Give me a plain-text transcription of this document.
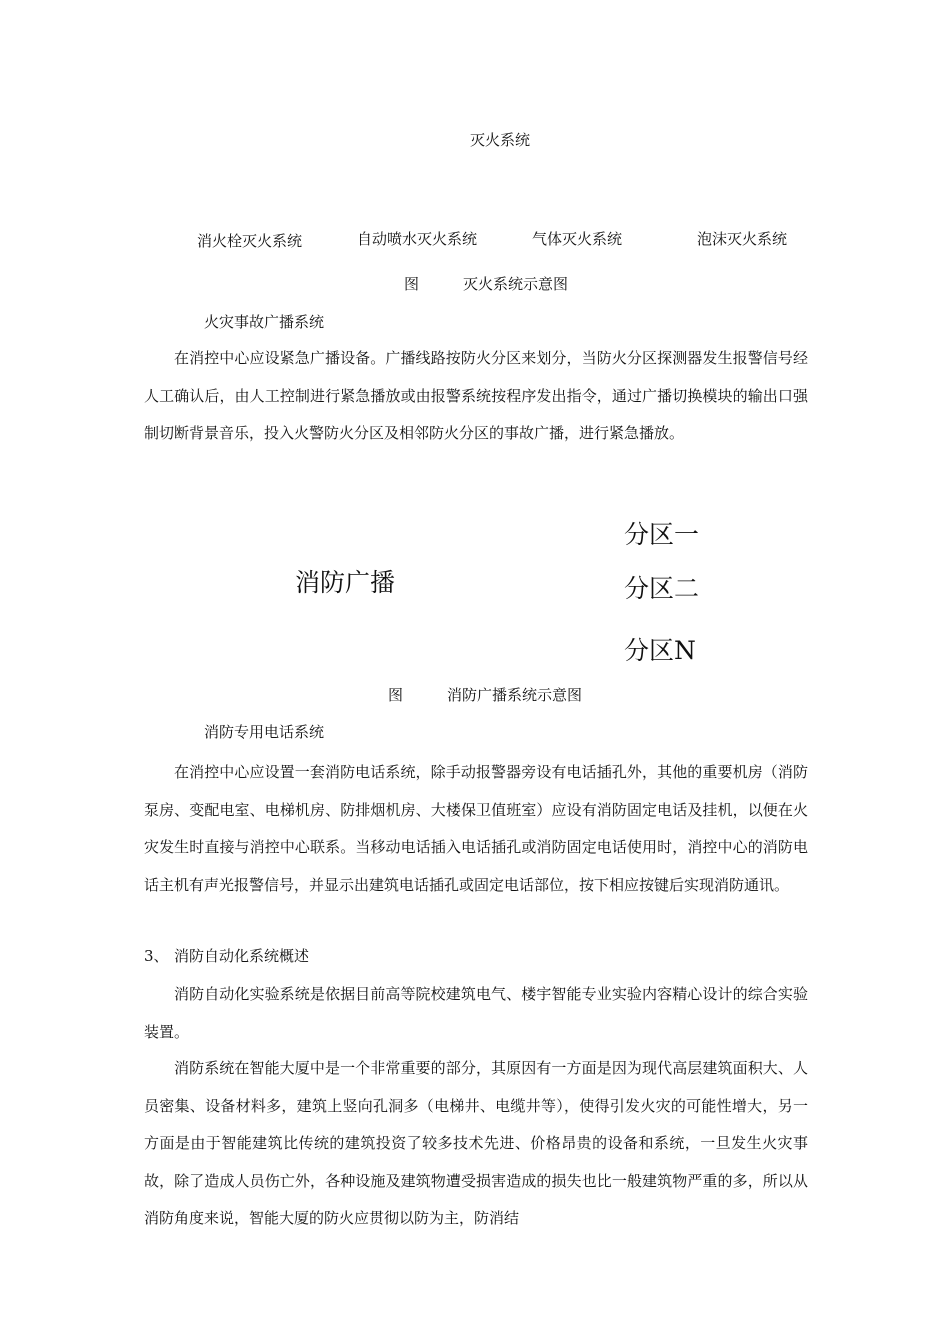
灭火系统
消火栓灭火系统	自动喷水灭火系统	气体灭火系统	泡沫灭火系统
图	灭火系统示意图
火灾事故广播系统

在消控中心应设紧急广播设备。广播线路按防火分区来划分，当防火分区探测器发生报警信号经人工确认后，由人工控制进行紧急播放或由报警系统按程序发出指令，通过广播切换模块的输出口强制切断背景音乐，投入火警防火分区及相邻防火分区的事故广播，进行紧急播放。

分区一
消防广播	分区二
分区N
图	消防广播系统示意图
消防专用电话系统

在消控中心应设置一套消防电话系统，除手动报警器旁设有电话插孔外，其他的重要机房（消防泵房、变配电室、电梯机房、防排烟机房、大楼保卫值班室）应设有消防固定电话及挂机，以便在火灾发生时直接与消控中心联系。当移动电话插入电话插孔或消防固定电话使用时，消控中心的消防电话主机有声光报警信号，并显示出建筑电话插孔或固定电话部位，按下相应按键后实现消防通讯。

3、 消防自动化系统概述

消防自动化实验系统是依据目前高等院校建筑电气、楼宇智能专业实验内容精心设计的综合实验装置。

消防系统在智能大厦中是一个非常重要的部分，其原因有一方面是因为现代高层建筑面积大、人员密集、设备材料多，建筑上竖向孔洞多（电梯井、电缆井等），使得引发火灾的可能性增大，另一方面是由于智能建筑比传统的建筑投资了较多技术先进、价格昂贵的设备和系统，一旦发生火灾事故，除了造成人员伤亡外，各种设施及建筑物遭受损害造成的损失也比一般建筑物严重的多，所以从消防角度来说，智能大厦的防火应贯彻以防为主，防消结
